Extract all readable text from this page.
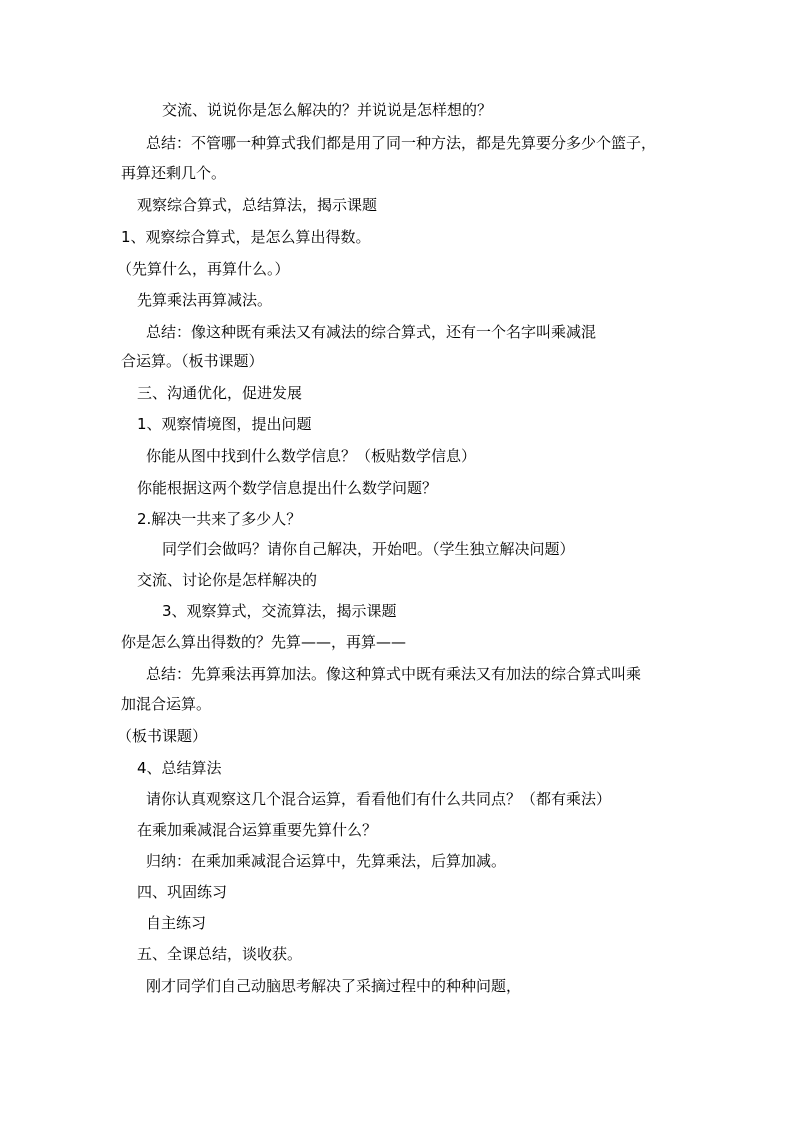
交流、说说你是怎么解决的？并说说是怎样想的？
总结：不管哪一种算式我们都是用了同一种方法，都是先算要分多少个篮子，
再算还剩几个。
观察综合算式，总结算法，揭示课题
1、观察综合算式，是怎么算出得数。
（先算什么，再算什么。）
先算乘法再算减法。
总结：像这种既有乘法又有减法的综合算式，还有一个名字叫乘减混
合运算。（板书课题）
三、沟通优化，促进发展
1、观察情境图，提出问题
你能从图中找到什么数学信息？（板贴数学信息）
你能根据这两个数学信息提出什么数学问题？
2.解决一共来了多少人？
同学们会做吗？请你自己解决，开始吧。（学生独立解决问题）
交流、讨论你是怎样解决的
3、观察算式，交流算法，揭示课题
你是怎么算出得数的？先算——，再算——
总结：先算乘法再算加法。像这种算式中既有乘法又有加法的综合算式叫乘
加混合运算。
（板书课题）
4、总结算法
请你认真观察这几个混合运算，看看他们有什么共同点？（都有乘法）
在乘加乘减混合运算重要先算什么？
归纳：在乘加乘减混合运算中，先算乘法，后算加减。
四、巩固练习
自主练习
五、全课总结，谈收获。
刚才同学们自己动脑思考解决了采摘过程中的种种问题，
